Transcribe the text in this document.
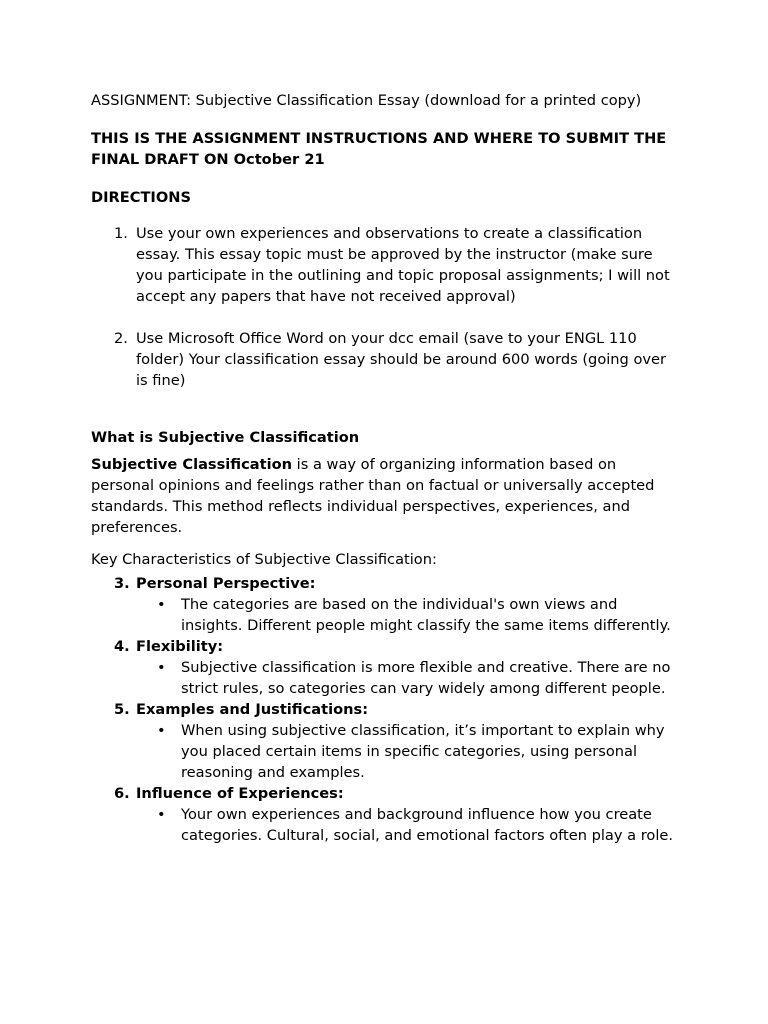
ASSIGNMENT: Subjective Classification Essay (download for a printed copy)

THIS IS THE ASSIGNMENT INSTRUCTIONS AND WHERE TO SUBMIT THE FINAL DRAFT ON October 21

DIRECTIONS

1. Use your own experiences and observations to create a classification essay. This essay topic must be approved by the instructor (make sure you participate in the outlining and topic proposal assignments; I will not accept any papers that have not received approval)
2. Use Microsoft Office Word on your dcc email (save to your ENGL 110 folder) Your classification essay should be around 600 words (going over is fine)

What is Subjective Classification

Subjective Classification is a way of organizing information based on personal opinions and feelings rather than on factual or universally accepted standards. This method reflects individual perspectives, experiences, and preferences.

Key Characteristics of Subjective Classification:

3. Personal Perspective:
• The categories are based on the individual's own views and insights. Different people might classify the same items differently.
4. Flexibility:
• Subjective classification is more flexible and creative. There are no strict rules, so categories can vary widely among different people.
5. Examples and Justifications:
• When using subjective classification, it’s important to explain why you placed certain items in specific categories, using personal reasoning and examples.
6. Influence of Experiences:
• Your own experiences and background influence how you create categories. Cultural, social, and emotional factors often play a role.
